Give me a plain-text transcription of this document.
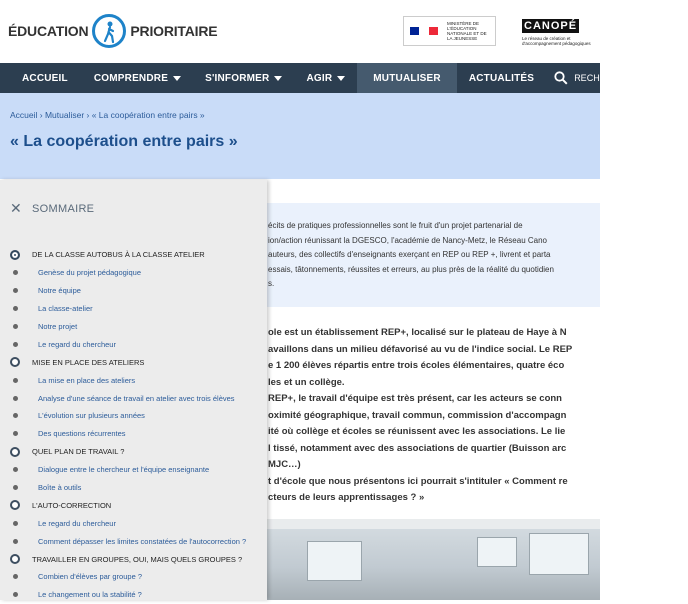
ÉDUCATION	PRIORITAIRE	MINISTÈRE DE L'ÉDUCATION NATIONALE ET DE LA JEUNESSE
CANOPÉ
Le réseau de création et d'accompagnement pédagogiques
ACCUEIL	COMPRENDRE	S'INFORMER	AGIR	MUTUALISER	ACTUALITÉS	RECHERCHER
Accueil › Mutualiser › « La coopération entre pairs »
« La coopération entre pairs »
écits de pratiques professionnelles sont le fruit d'un projet partenarial de
ion/action réunissant la DGESCO, l'académie de Nancy-Metz, le Réseau Cano
auteurs, des collectifs d'enseignants exerçant en REP ou REP +, livrent et parta
essais, tâtonnements, réussites et erreurs, au plus près de la réalité du quotidien
s.
ole est un établissement REP+, localisé sur le plateau de Haye à N
availlons dans un milieu défavorisé au vu de l'indice social. Le REP
e 1 200 élèves répartis entre trois écoles élémentaires, quatre éco
les et un collège.
REP+, le travail d'équipe est très présent, car les acteurs se conn
oximité géographique, travail commun, commission d'accompagn
ité où collège et écoles se réunissent avec les associations. Le lie
l tissé, notamment avec des associations de quartier (Buisson arc
MJC…)
t d'école que nous présentons ici pourrait s'intituler « Comment re
cteurs de leurs apprentissages ? »
✕ SOMMAIRE
DE LA CLASSE AUTOBUS À LA CLASSE ATELIER
Genèse du projet pédagogique
Notre équipe
La classe-atelier
Notre projet
Le regard du chercheur
MISE EN PLACE DES ATELIERS
La mise en place des ateliers
Analyse d'une séance de travail en atelier avec trois élèves
L'évolution sur plusieurs années
Des questions récurrentes
QUEL PLAN DE TRAVAIL ?
Dialogue entre le chercheur et l'équipe enseignante
Boîte à outils
L'AUTO-CORRECTION
Le regard du chercheur
Comment dépasser les limites constatées de l'autocorrection ?
TRAVAILLER EN GROUPES, OUI, MAIS QUELS GROUPES ?
Combien d'élèves par groupe ?
Le changement ou la stabilité ?
